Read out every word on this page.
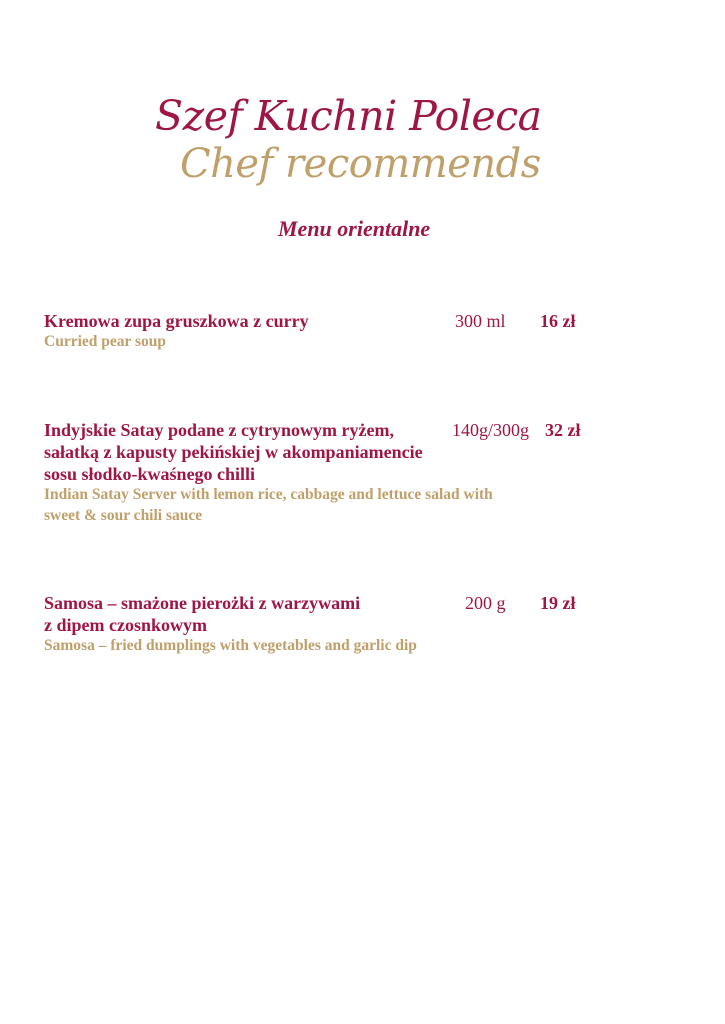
Szef Kuchni Poleca
Chef recommends
Menu orientalne
Kremowa zupa gruszkowa z curry
Curried pear soup
300 ml 16 zł
Indyjskie Satay podane z cytrynowym ryżem,
sałatką z kapusty pekińskiej w akompaniamencie
sosu słodko-kwaśnego chilli
Indian Satay Server with lemon rice, cabbage and lettuce salad with
sweet & sour chili sauce
140g/300g 32 zł
Samosa – smażone pierożki z warzywami
z dipem czosnkowym
Samosa – fried dumplings with vegetables and garlic dip
200 g 19 zł
